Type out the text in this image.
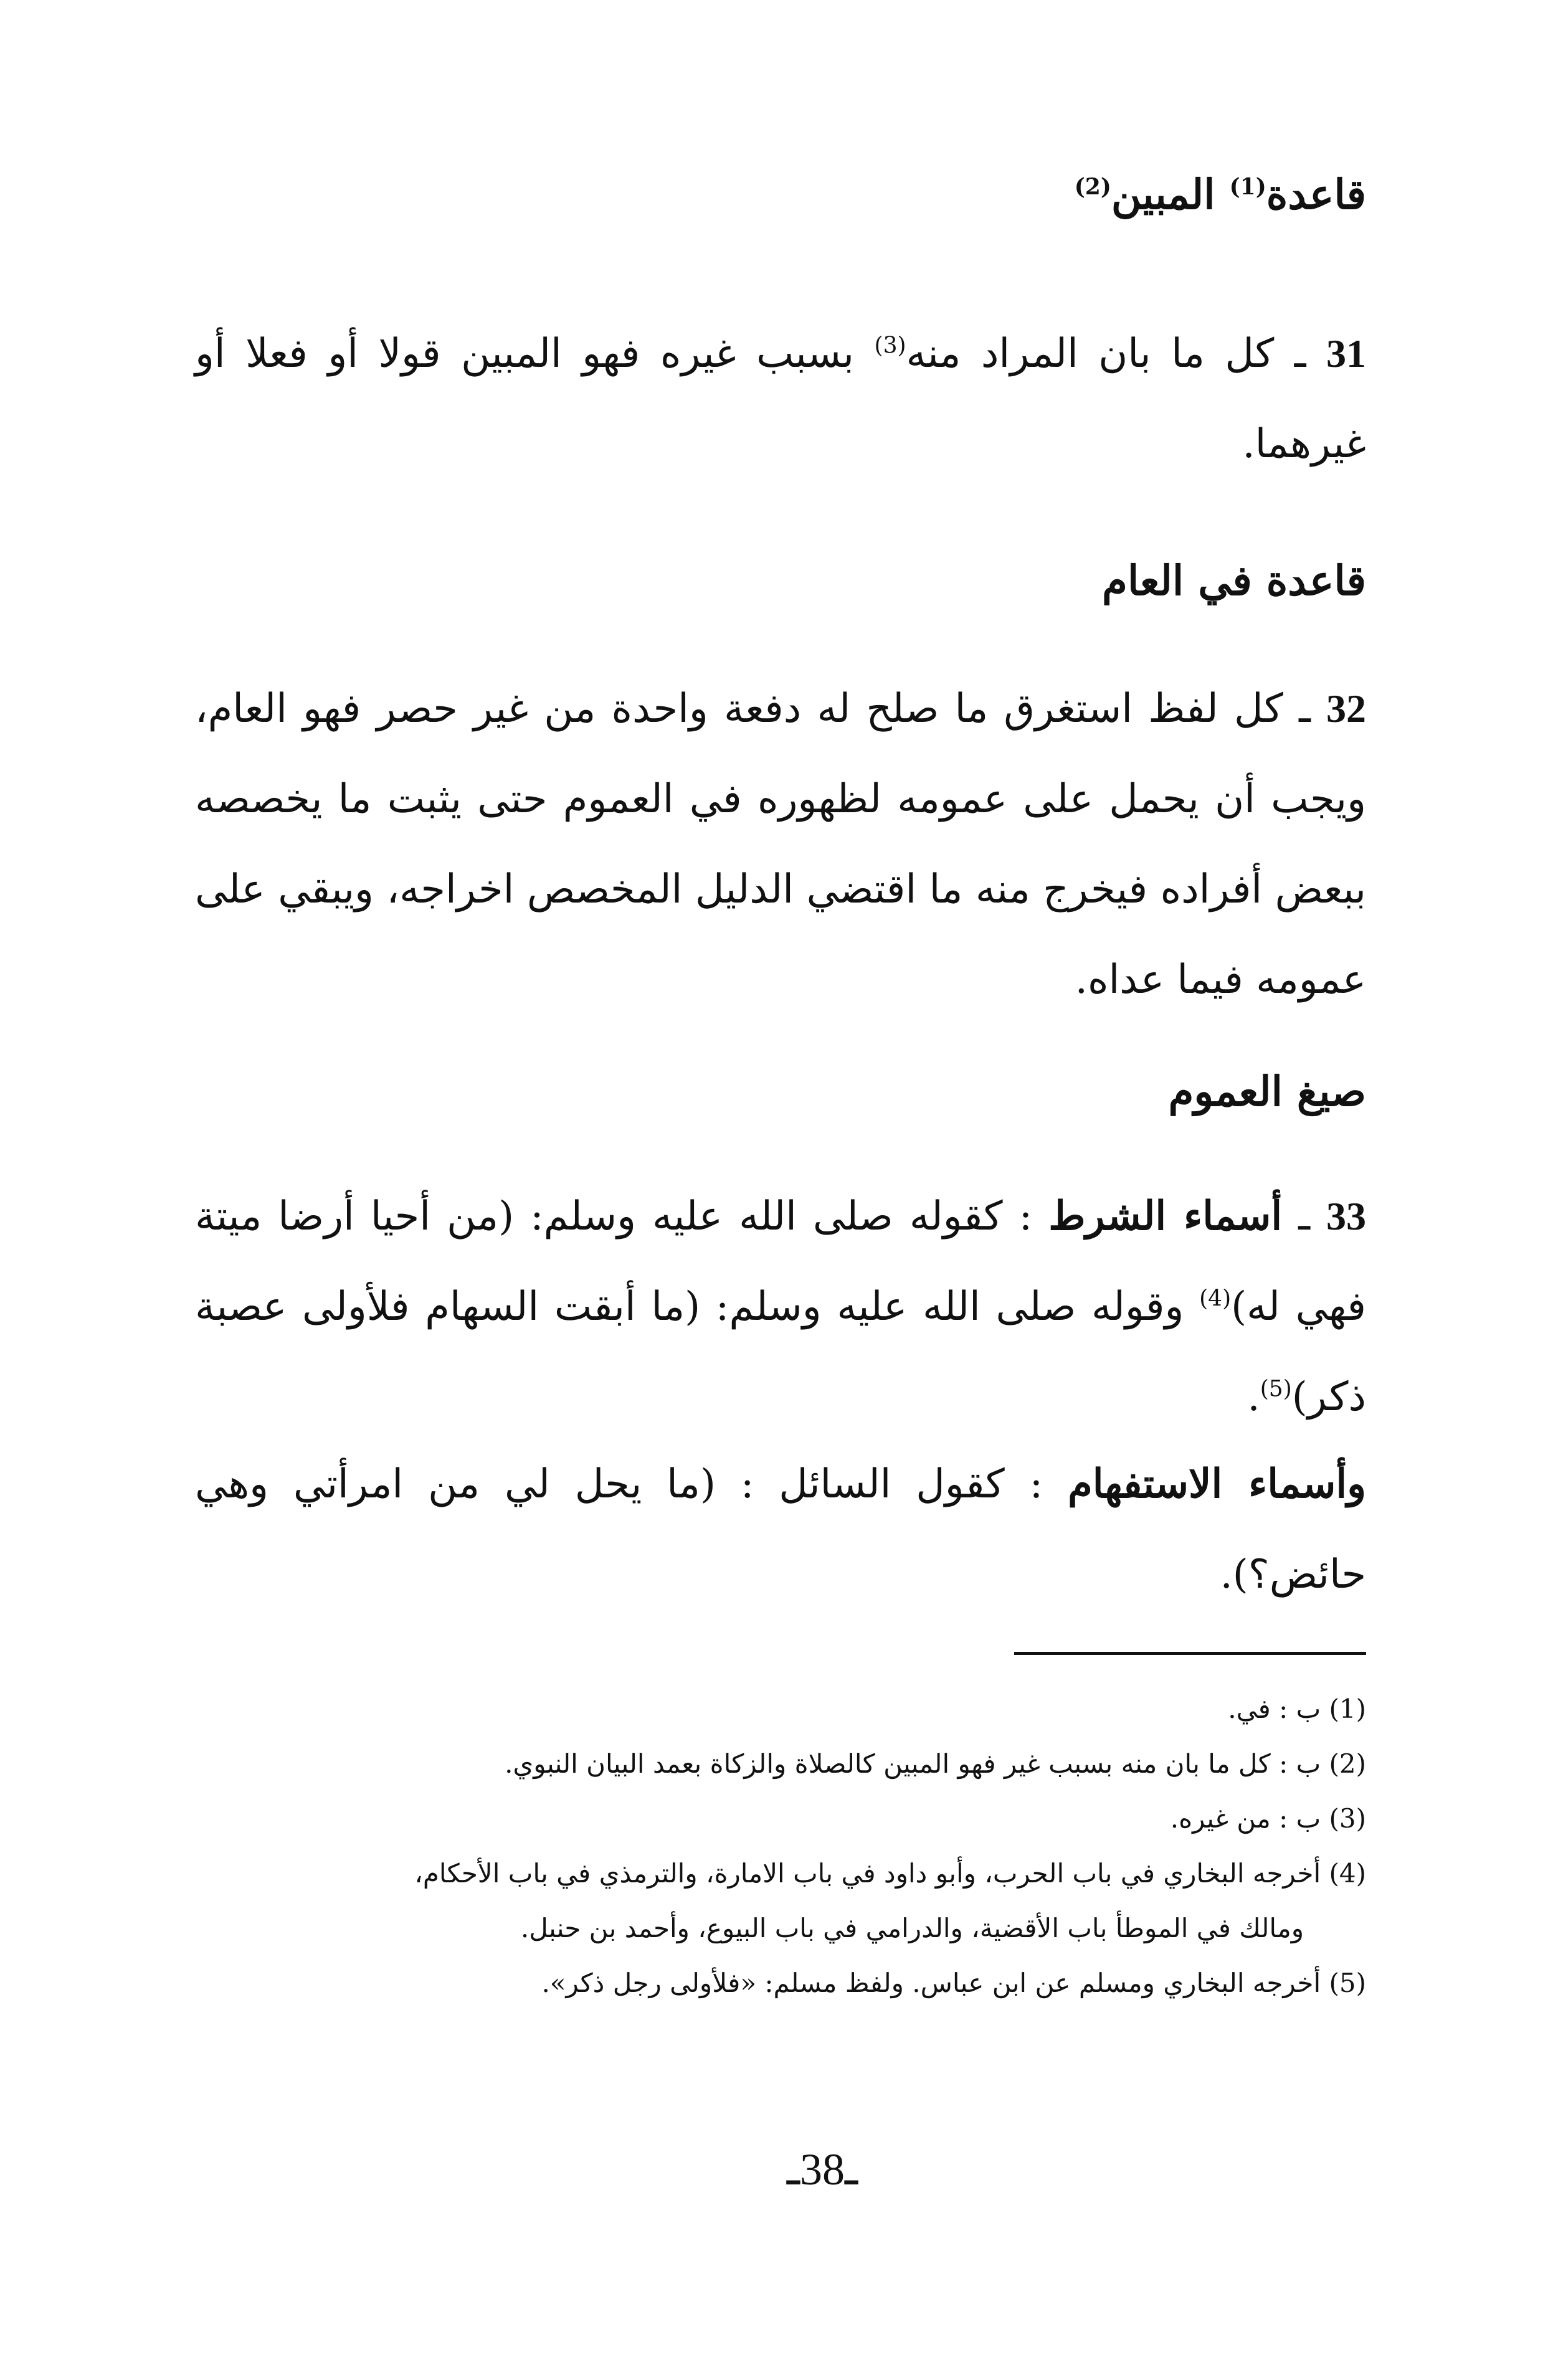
قاعدة$^{(1)}$ المبين$^{(2)}$
31 ـ كل ما بان المراد منه$^{(3)}$ بسبب غيره فهو المبين قولا أو فعلا أو غيرهما.
قاعدة في العام
32 ـ كل لفظ استغرق ما صلح له دفعة واحدة من غير حصر فهو العام، ويجب أن يحمل على عمومه لظهوره في العموم حتى يثبت ما يخصصه ببعض أفراده فيخرج منه ما اقتضي الدليل المخصص اخراجه، ويبقي على عمومه فيما عداه.
صيغ العموم
33 ـ أسماء الشرط : كقوله صلى الله عليه وسلم: (من أحيا أرضا ميتة فهي له)$^{(4)}$ وقوله صلى الله عليه وسلم: (ما أبقت السهام فلأولى عصبة ذكر)$^{(5)}$.
وأسماء الاستفهام : كقول السائل : (ما يحل لي من امرأتي وهي حائض؟).
(1) ب : في.
(2) ب : كل ما بان منه بسبب غير فهو المبين كالصلاة والزكاة بعمد البيان النبوي.
(3) ب : من غيره.
(4) أخرجه البخاري في باب الحرب، وأبو داود في باب الامارة، والترمذي في باب الأحكام،
ومالك في الموطأ باب الأقضية، والدرامي في باب البيوع، وأحمد بن حنبل.
(5) أخرجه البخاري ومسلم عن ابن عباس. ولفظ مسلم: «فلأولى رجل ذكر».
ـ38ـ
